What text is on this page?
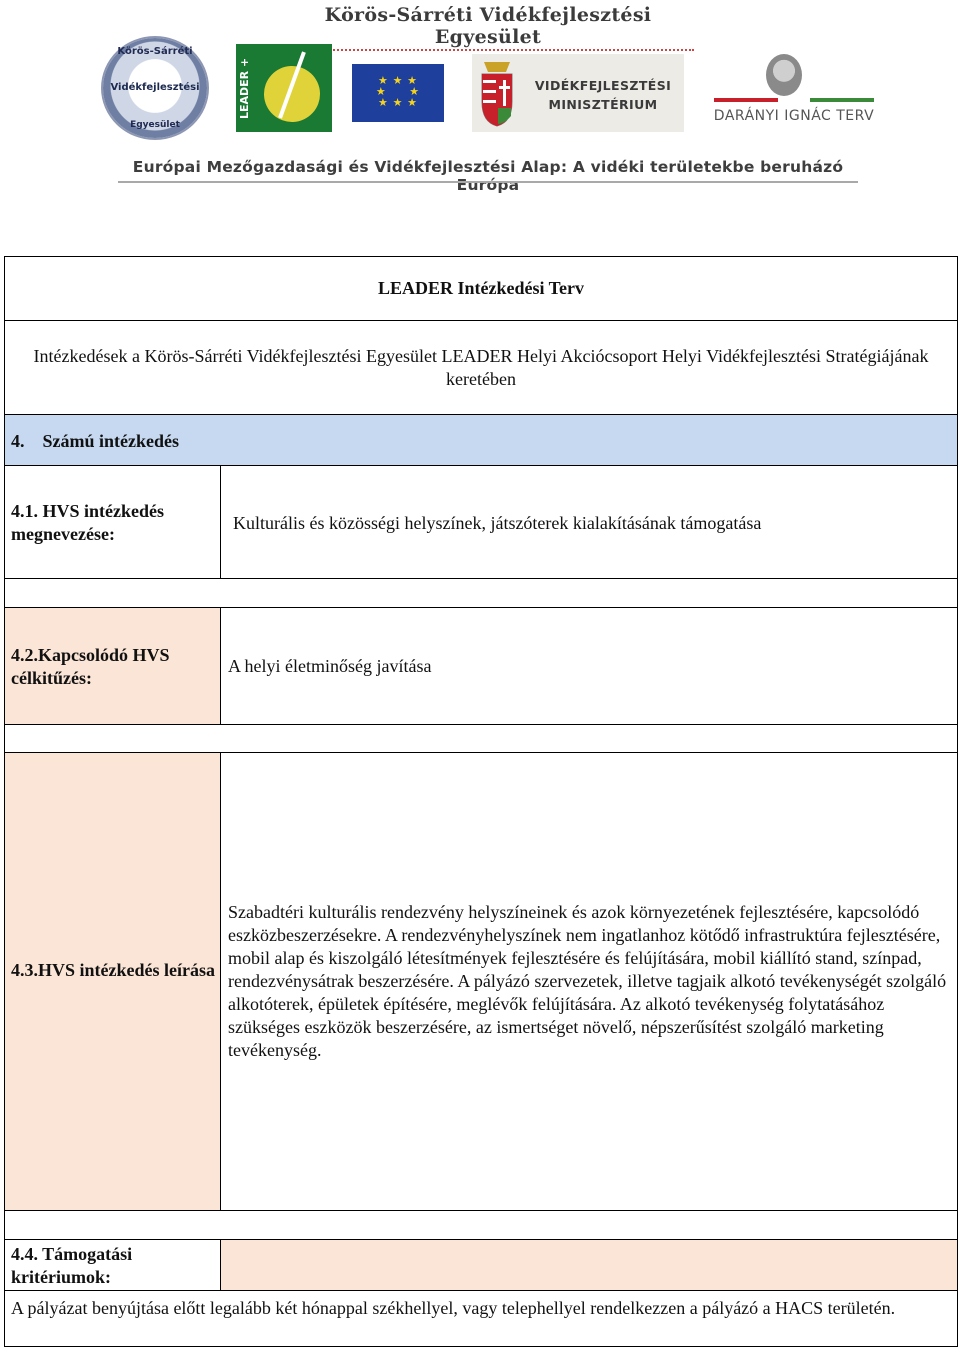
Körös-Sárréti Vidékfejlesztési Egyesület
Körös-Sárréti
Vidékfejlesztési
Egyesület
LEADER +	★ ★ ★
★      ★
★ ★ ★
VIDÉKFEJLESZTÉSI
MINISZTÉRIUM
DARÁNYI IGNÁC TERV
Európai Mezőgazdasági és Vidékfejlesztési Alap: A vidéki területekbe beruházó Európa
LEADER Intézkedési Terv
Intézkedések a Körös-Sárréti Vidékfejlesztési Egyesület LEADER Helyi Akciócsoport Helyi Vidékfejlesztési Stratégiájának keretében
4.    Számú intézkedés
4.1. HVS intézkedés megnevezése:
Kulturális és közösségi helyszínek, játszóterek kialakításának támogatása
4.2.Kapcsolódó HVS célkitűzés:
A helyi életminőség javítása
4.3.HVS intézkedés leírása
Szabadtéri kulturális rendezvény helyszíneinek és azok környezetének fejlesztésére, kapcsolódó eszközbeszerzésekre. A rendezvényhelyszínek nem ingatlanhoz kötődő infrastruktúra fejlesztésére, mobil alap és kiszolgáló létesítmények fejlesztésére és felújítására, mobil kiállító stand, színpad, rendezvénysátrak beszerzésére. A pályázó szervezetek, illetve tagjaik alkotó tevékenységét szolgáló alkotóterek, épületek építésére, meglévők felújítására. Az alkotó tevékenység folytatásához szükséges eszközök beszerzésére, az ismertséget növelő, népszerűsítést szolgáló marketing tevékenység.
4.4. Támogatási kritériumok:
A pályázat benyújtása előtt legalább két hónappal székhellyel, vagy telephellyel rendelkezzen a pályázó a HACS területén.
